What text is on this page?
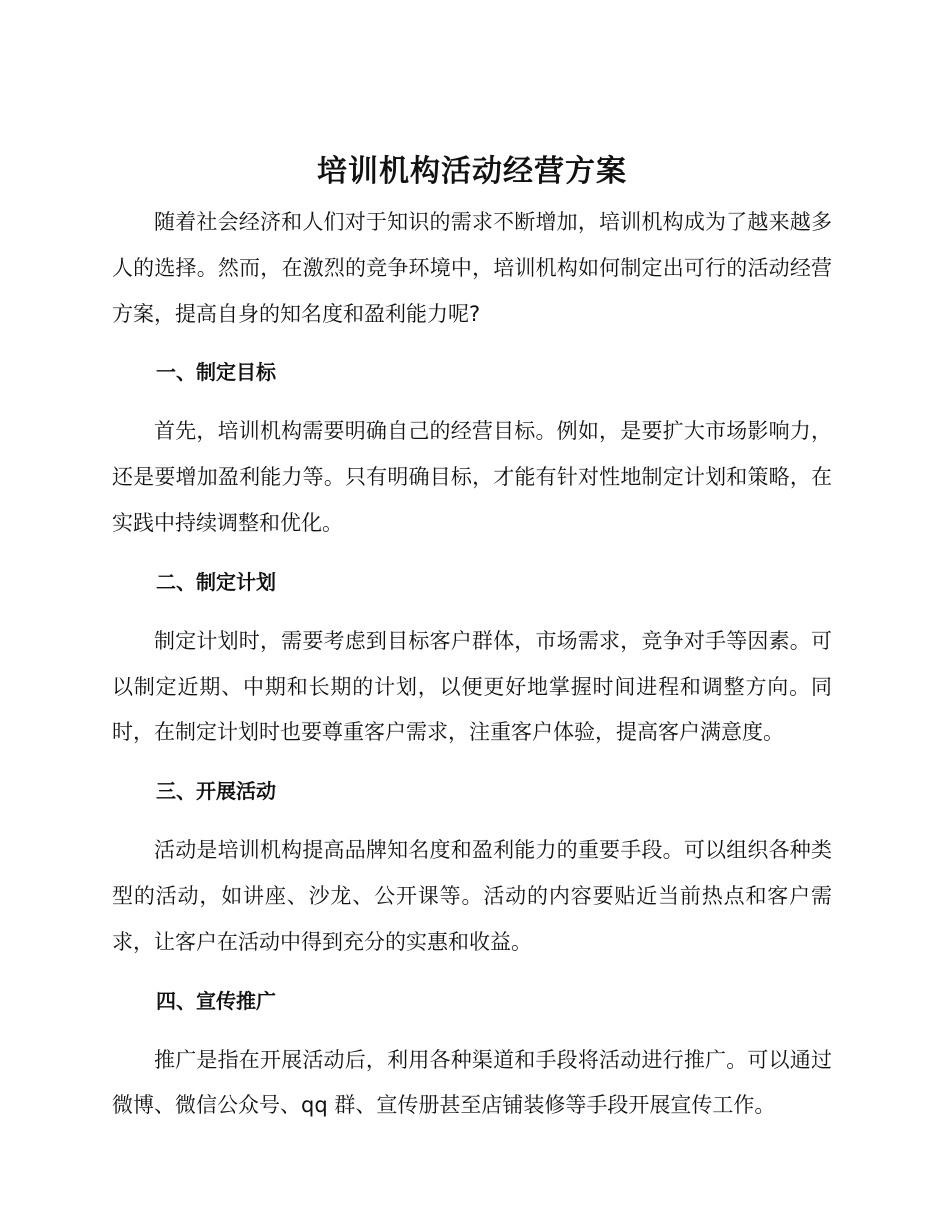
培训机构活动经营方案

随着社会经济和人们对于知识的需求不断增加，培训机构成为了越来越多人的选择。然而，在激烈的竞争环境中，培训机构如何制定出可行的活动经营方案，提高自身的知名度和盈利能力呢?

一、制定目标

首先，培训机构需要明确自己的经营目标。例如，是要扩大市场影响力，还是要增加盈利能力等。只有明确目标，才能有针对性地制定计划和策略，在实践中持续调整和优化。

二、制定计划

制定计划时，需要考虑到目标客户群体，市场需求，竞争对手等因素。可以制定近期、中期和长期的计划，以便更好地掌握时间进程和调整方向。同时，在制定计划时也要尊重客户需求，注重客户体验，提高客户满意度。

三、开展活动

活动是培训机构提高品牌知名度和盈利能力的重要手段。可以组织各种类型的活动，如讲座、沙龙、公开课等。活动的内容要贴近当前热点和客户需求，让客户在活动中得到充分的实惠和收益。

四、宣传推广

推广是指在开展活动后，利用各种渠道和手段将活动进行推广。可以通过微博、微信公众号、qq 群、宣传册甚至店铺装修等手段开展宣传工作。
